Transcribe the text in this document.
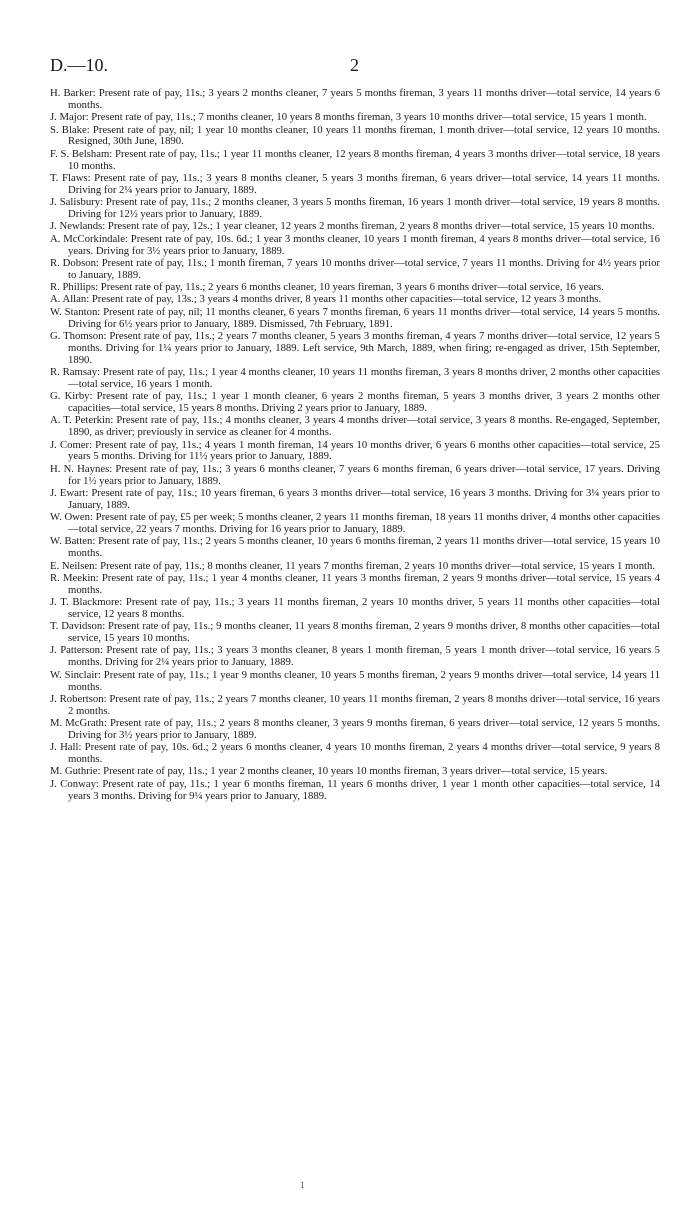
D.—10.	2

H. Barker: Present rate of pay, 11s.; 3 years 2 months cleaner, 7 years 5 months fireman, 3 years 11 months driver—total service, 14 years 6 months.

J. Major: Present rate of pay, 11s.; 7 months cleaner, 10 years 8 months fireman, 3 years 10 months driver—total service, 15 years 1 month.

S. Blake: Present rate of pay, nil; 1 year 10 months cleaner, 10 years 11 months fireman, 1 month driver—total service, 12 years 10 months. Resigned, 30th June, 1890.

F. S. Belsham: Present rate of pay, 11s.; 1 year 11 months cleaner, 12 years 8 months fireman, 4 years 3 months driver—total service, 18 years 10 months.

T. Flaws: Present rate of pay, 11s.; 3 years 8 months cleaner, 5 years 3 months fireman, 6 years driver—total service, 14 years 11 months. Driving for 2¼ years prior to January, 1889.

J. Salisbury: Present rate of pay, 11s.; 2 months cleaner, 3 years 5 months fireman, 16 years 1 month driver—total service, 19 years 8 months. Driving for 12½ years prior to January, 1889.

J. Newlands: Present rate of pay, 12s.; 1 year cleaner, 12 years 2 months fireman, 2 years 8 months driver—total service, 15 years 10 months.

A. McCorkindale: Present rate of pay, 10s. 6d.; 1 year 3 months cleaner, 10 years 1 month fireman, 4 years 8 months driver—total service, 16 years. Driving for 3½ years prior to January, 1889.

R. Dobson: Present rate of pay, 11s.; 1 month fireman, 7 years 10 months driver—total service, 7 years 11 months. Driving for 4½ years prior to January, 1889.

R. Phillips: Present rate of pay, 11s.; 2 years 6 months cleaner, 10 years fireman, 3 years 6 months driver—total service, 16 years.

A. Allan: Present rate of pay, 13s.; 3 years 4 months driver, 8 years 11 months other capacities—total service, 12 years 3 months.

W. Stanton: Present rate of pay, nil; 11 months cleaner, 6 years 7 months fireman, 6 years 11 months driver—total service, 14 years 5 months. Driving for 6½ years prior to January, 1889. Dismissed, 7th February, 1891.

G. Thomson: Present rate of pay, 11s.; 2 years 7 months cleaner, 5 years 3 months fireman, 4 years 7 months driver—total service, 12 years 5 months. Driving for 1¼ years prior to January, 1889. Left service, 9th March, 1889, when firing; re-engaged as driver, 15th September, 1890.

R. Ramsay: Present rate of pay, 11s.; 1 year 4 months cleaner, 10 years 11 months fireman, 3 years 8 months driver, 2 months other capacities—total service, 16 years 1 month.

G. Kirby: Present rate of pay, 11s.; 1 year 1 month cleaner, 6 years 2 months fireman, 5 years 3 months driver, 3 years 2 months other capacities—total service, 15 years 8 months. Driving 2 years prior to January, 1889.

A. T. Peterkin: Present rate of pay, 11s.; 4 months cleaner, 3 years 4 months driver—total service, 3 years 8 months. Re-engaged, September, 1890, as driver; previously in service as cleaner for 4 months.

J. Comer: Present rate of pay, 11s.; 4 years 1 month fireman, 14 years 10 months driver, 6 years 6 months other capacities—total service, 25 years 5 months. Driving for 11½ years prior to January, 1889.

H. N. Haynes: Present rate of pay, 11s.; 3 years 6 months cleaner, 7 years 6 months fireman, 6 years driver—total service, 17 years. Driving for 1½ years prior to January, 1889.

J. Ewart: Present rate of pay, 11s.; 10 years fireman, 6 years 3 months driver—total service, 16 years 3 months. Driving for 3¼ years prior to January, 1889.

W. Owen: Present rate of pay, £5 per week; 5 months cleaner, 2 years 11 months fireman, 18 years 11 months driver, 4 months other capacities—total service, 22 years 7 months. Driving for 16 years prior to January, 1889.

W. Batten: Present rate of pay, 11s.; 2 years 5 months cleaner, 10 years 6 months fireman, 2 years 11 months driver—total service, 15 years 10 months.

E. Neilsen: Present rate of pay, 11s.; 8 months cleaner, 11 years 7 months fireman, 2 years 10 months driver—total service, 15 years 1 month.

R. Meekin: Present rate of pay, 11s.; 1 year 4 months cleaner, 11 years 3 months fireman, 2 years 9 months driver—total service, 15 years 4 months.

J. T. Blackmore: Present rate of pay, 11s.; 3 years 11 months fireman, 2 years 10 months driver, 5 years 11 months other capacities—total service, 12 years 8 months.

T. Davidson: Present rate of pay, 11s.; 9 months cleaner, 11 years 8 months fireman, 2 years 9 months driver, 8 months other capacities—total service, 15 years 10 months.

J. Patterson: Present rate of pay, 11s.; 3 years 3 months cleaner, 8 years 1 month fireman, 5 years 1 month driver—total service, 16 years 5 months. Driving for 2¼ years prior to January, 1889.

W. Sinclair: Present rate of pay, 11s.; 1 year 9 months cleaner, 10 years 5 months fireman, 2 years 9 months driver—total service, 14 years 11 months.

J. Robertson: Present rate of pay, 11s.; 2 years 7 months cleaner, 10 years 11 months fireman, 2 years 8 months driver—total service, 16 years 2 months.

M. McGrath: Present rate of pay, 11s.; 2 years 8 months cleaner, 3 years 9 months fireman, 6 years driver—total service, 12 years 5 months. Driving for 3½ years prior to January, 1889.

J. Hall: Present rate of pay, 10s. 6d.; 2 years 6 months cleaner, 4 years 10 months fireman, 2 years 4 months driver—total service, 9 years 8 months.

M. Guthrie: Present rate of pay, 11s.; 1 year 2 months cleaner, 10 years 10 months fireman, 3 years driver—total service, 15 years.

J. Conway: Present rate of pay, 11s.; 1 year 6 months fireman, 11 years 6 months driver, 1 year 1 month other capacities—total service, 14 years 3 months. Driving for 9¼ years prior to January, 1889.

1
